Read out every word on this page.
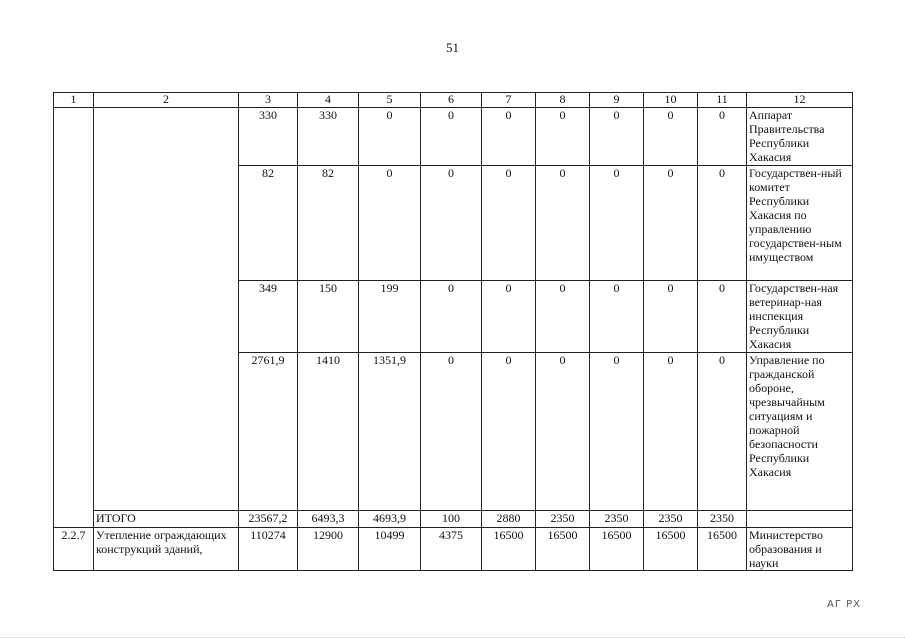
51
1	2	3	4	5	6	7	8	9	10	11	12
		330	330	0	0	0	0	0	0	0	Аппарат Правительства Республики Хакасия
		82	82	0	0	0	0	0	0	0	Государствен-ный комитет Республики Хакасия по управлению государствен-ным имуществом
		349	150	199	0	0	0	0	0	0	Государствен-ная ветеринар-ная инспекция Республики Хакасия
		2761,9	1410	1351,9	0	0	0	0	0	0	Управление по гражданской обороне, чрезвычайным ситуациям и пожарной безопасности Республики Хакасия
	ИТОГО	23567,2	6493,3	4693,9	100	2880	2350	2350	2350	2350	
2.2.7	Утепление ограждающих конструкций зданий,	110274	12900	10499	4375	16500	16500	16500	16500	16500	Министерство образования и науки
АГ РХ
